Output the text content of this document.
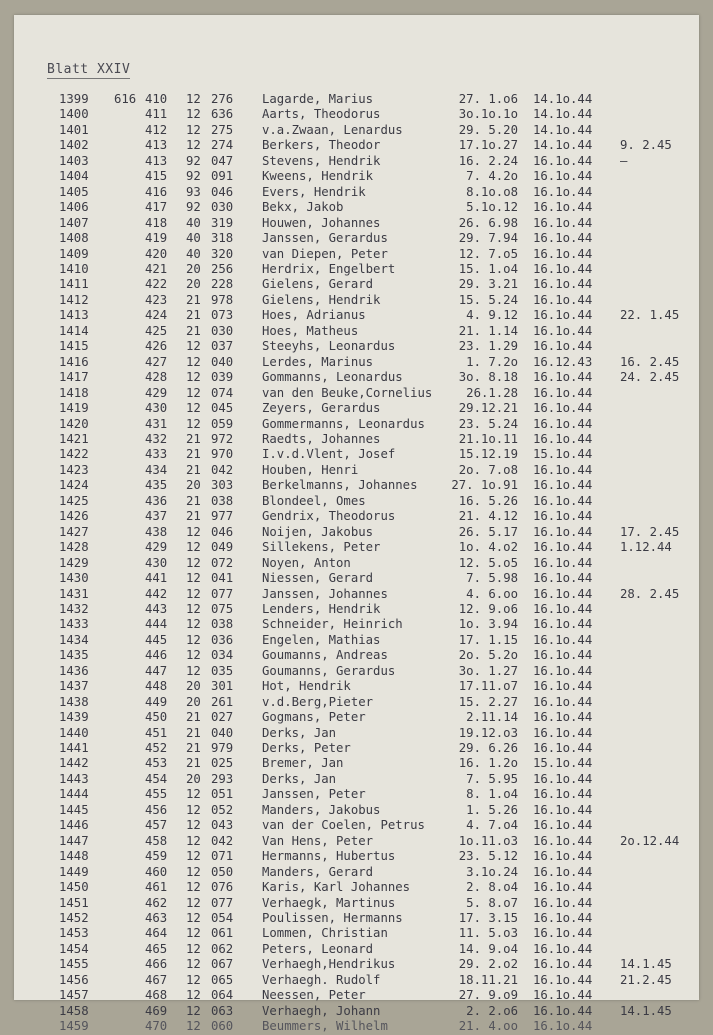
Blatt XXIV
1399 616 410 12 276 Lagarde, Marius	27. 1.o6 14.1o.44
1400	411 12 636 Aarts, Theodorus	3o.1o.1o 14.1o.44
1401	412 12 275 v.a.Zwaan, Lenardus	29. 5.20 14.1o.44
1402	413 12 274 Berkers, Theodor	17.1o.27 14.1o.44 9. 2.45
1403	413 92 047 Stevens, Hendrik	16. 2.24 16.1o.44 —
1404	415 92 091 Kweens, Hendrik	7. 4.2o 16.1o.44
1405	416 93 046 Evers, Hendrik	8.1o.o8 16.1o.44
1406	417 92 030 Bekx, Jakob	5.1o.12 16.1o.44
1407	418 40 319 Houwen, Johannes	26. 6.98 16.1o.44
1408	419 40 318 Janssen, Gerardus	29. 7.94 16.1o.44
1409	420 40 320 van Diepen, Peter	12. 7.o5 16.1o.44
1410	421 20 256 Herdrix, Engelbert	15. 1.o4 16.1o.44
1411	422 20 228 Gielens, Gerard	29. 3.21 16.1o.44
1412	423 21 978 Gielens, Hendrik	15. 5.24 16.1o.44
1413	424 21 073 Hoes, Adrianus	4. 9.12 16.1o.44 22. 1.45
1414	425 21 030 Hoes, Matheus	21. 1.14 16.1o.44
1415	426 12 037 Steeyhs, Leonardus	23. 1.29 16.1o.44
1416	427 12 040 Lerdes, Marinus	1. 7.2o 16.12.43 16. 2.45
1417	428 12 039 Gommanns, Leonardus	3o. 8.18 16.1o.44 24. 2.45
1418	429 12 074 van den Beuke,Cornelius	26.1.28 16.1o.44
1419	430 12 045 Zeyers, Gerardus	29.12.21 16.1o.44
1420	431 12 059 Gommermanns, Leonardus	23. 5.24 16.1o.44
1421	432 21 972 Raedts, Johannes	21.1o.11 16.1o.44
1422	433 21 970 I.v.d.Vlent, Josef	15.12.19 15.1o.44
1423	434 21 042 Houben, Henri	2o. 7.o8 16.1o.44
1424	435 20 303 Berkelmanns, Johannes	27. 1o.91 16.1o.44
1425	436 21 038 Blondeel, Omes	16. 5.26 16.1o.44
1426	437 21 977 Gendrix, Theodorus	21. 4.12 16.1o.44
1427	438 12 046 Noijen, Jakobus	26. 5.17 16.1o.44 17. 2.45
1428	429 12 049 Sillekens, Peter	1o. 4.o2 16.1o.44 1.12.44
1429	430 12 072 Noyen, Anton	12. 5.o5 16.1o.44
1430	441 12 041 Niessen, Gerard	7. 5.98 16.1o.44
1431	442 12 077 Janssen, Johannes	4. 6.oo 16.1o.44 28. 2.45
1432	443 12 075 Lenders, Hendrik	12. 9.o6 16.1o.44
1433	444 12 038 Schneider, Heinrich	1o. 3.94 16.1o.44
1434	445 12 036 Engelen, Mathias	17. 1.15 16.1o.44
1435	446 12 034 Goumanns, Andreas	2o. 5.2o 16.1o.44
1436	447 12 035 Goumanns, Gerardus	3o. 1.27 16.1o.44
1437	448 20 301 Hot, Hendrik	17.11.o7 16.1o.44
1438	449 20 261 v.d.Berg,Pieter	15. 2.27 16.1o.44
1439	450 21 027 Gogmans, Peter	2.11.14 16.1o.44
1440	451 21 040 Derks, Jan	19.12.o3 16.1o.44
1441	452 21 979 Derks, Peter	29. 6.26 16.1o.44
1442	453 21 025 Bremer, Jan	16. 1.2o 15.1o.44
1443	454 20 293 Derks, Jan	7. 5.95 16.1o.44
1444	455 12 051 Janssen, Peter	8. 1.o4 16.1o.44
1445	456 12 052 Manders, Jakobus	1. 5.26 16.1o.44
1446	457 12 043 van der Coelen, Petrus	4. 7.o4 16.1o.44
1447	458 12 042 Van Hens, Peter	1o.11.o3 16.1o.44 2o.12.44
1448	459 12 071 Hermanns, Hubertus	23. 5.12 16.1o.44
1449	460 12 050 Manders, Gerard	3.1o.24 16.1o.44
1450	461 12 076 Karis, Karl Johannes	2. 8.o4 16.1o.44
1451	462 12 077 Verhaegk, Martinus	5. 8.o7 16.1o.44
1452	463 12 054 Poulissen, Hermanns	17. 3.15 16.1o.44
1453	464 12 061 Lommen, Christian	11. 5.o3 16.1o.44
1454	465 12 062 Peters, Leonard	14. 9.o4 16.1o.44
1455	466 12 067 Verhaegh,Hendrikus	29. 2.o2 16.1o.44 14.1.45
1456	467 12 065 Verhaegh. Rudolf	18.11.21 16.1o.44 21.2.45
1457	468 12 064 Neessen, Peter	27. 9.o9 16.1o.44
1458	469 12 063 Verhaegh, Johann	2. 2.o6 16.1o.44 14.1.45
1459	470 12 060 Beummers, Wilhelm	21. 4.oo 16.1o.44
